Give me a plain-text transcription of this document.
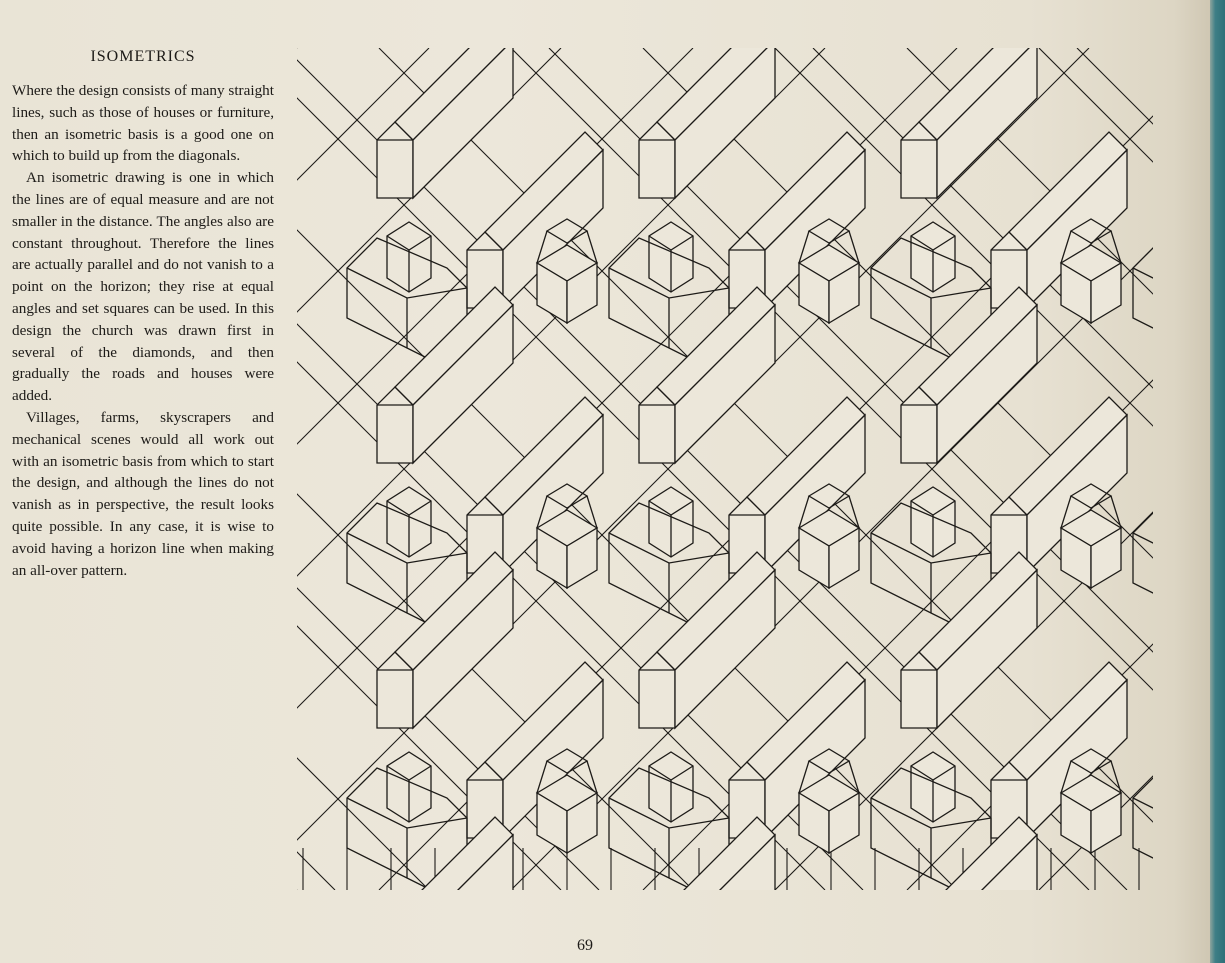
ISOMETRICS

Where the design consists of many straight lines, such as those of houses or furniture, then an isometric basis is a good one on which to build up from the diagonals.

An isometric drawing is one in which the lines are of equal measure and are not smaller in the distance. The angles also are constant throughout. Therefore the lines are actually parallel and do not vanish to a point on the horizon; they rise at equal angles and set squares can be used. In this design the church was drawn first in several of the diamonds, and then gradually the roads and houses were added.

Villages, farms, skyscrapers and mechanical scenes would all work out with an isometric basis from which to start the design, and although the lines do not vanish as in perspective, the result looks quite possible. In any case, it is wise to avoid having a horizon line when making an all-over pattern.

69
